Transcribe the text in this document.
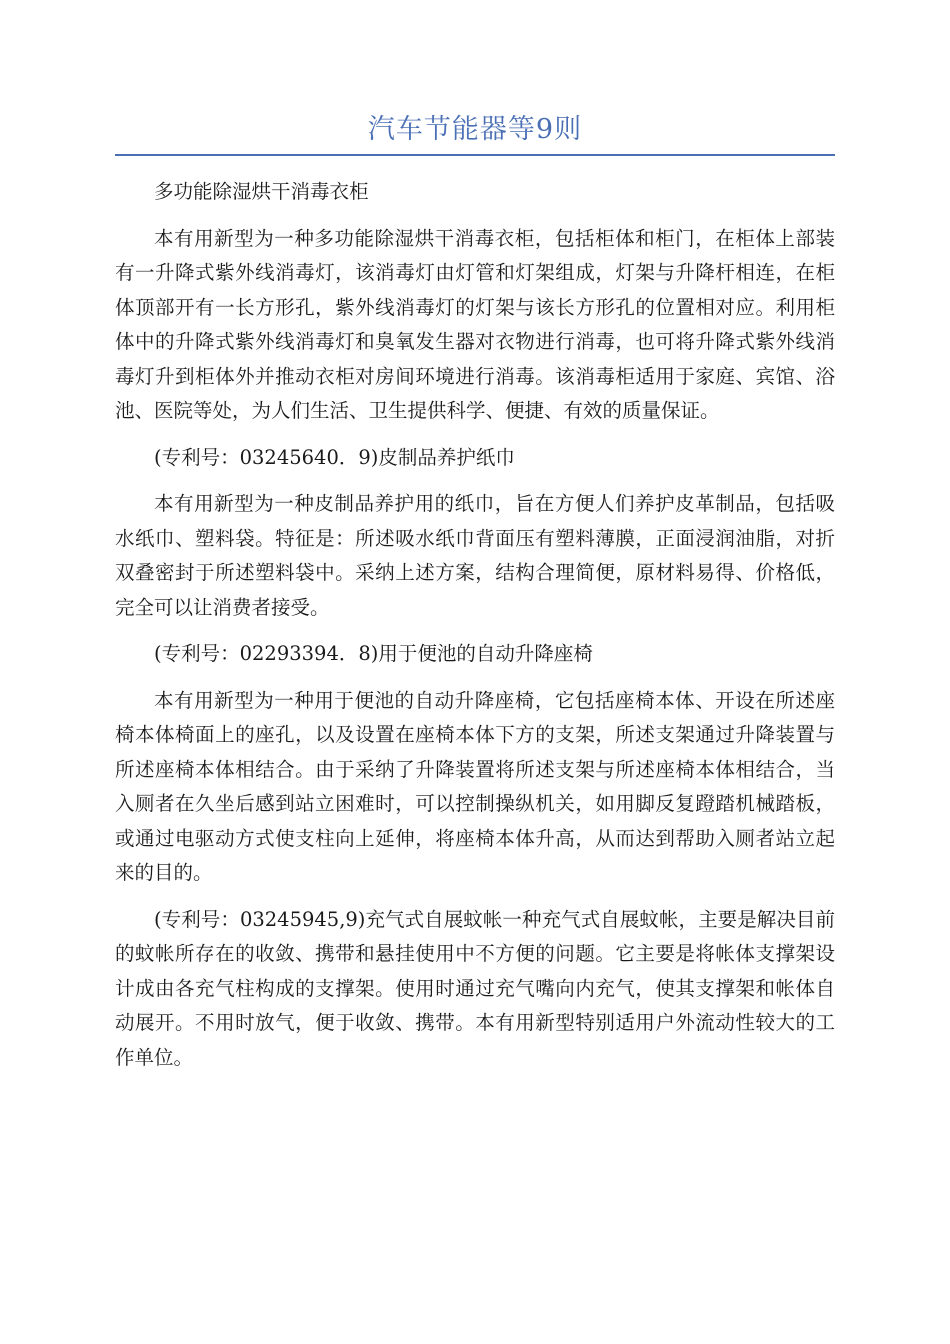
汽车节能器等9则

多功能除湿烘干消毒衣柜

本有用新型为一种多功能除湿烘干消毒衣柜，包括柜体和柜门，在柜体上部装有一升降式紫外线消毒灯，该消毒灯由灯管和灯架组成，灯架与升降杆相连，在柜体顶部开有一长方形孔，紫外线消毒灯的灯架与该长方形孔的位置相对应。利用柜体中的升降式紫外线消毒灯和臭氧发生器对衣物进行消毒，也可将升降式紫外线消毒灯升到柜体外并推动衣柜对房间环境进行消毒。该消毒柜适用于家庭、宾馆、浴池、医院等处，为人们生活、卫生提供科学、便捷、有效的质量保证。

(专利号：03245640．9)皮制品养护纸巾

本有用新型为一种皮制品养护用的纸巾，旨在方便人们养护皮革制品，包括吸水纸巾、塑料袋。特征是：所述吸水纸巾背面压有塑料薄膜，正面浸润油脂，对折双叠密封于所述塑料袋中。采纳上述方案，结构合理简便，原材料易得、价格低，完全可以让消费者接受。

(专利号：02293394．8)用于便池的自动升降座椅

本有用新型为一种用于便池的自动升降座椅，它包括座椅本体、开设在所述座椅本体椅面上的座孔，以及设置在座椅本体下方的支架，所述支架通过升降装置与所述座椅本体相结合。由于采纳了升降装置将所述支架与所述座椅本体相结合，当入厕者在久坐后感到站立困难时，可以控制操纵机关，如用脚反复蹬踏机械踏板，或通过电驱动方式使支柱向上延伸，将座椅本体升高，从而达到帮助入厕者站立起来的目的。

(专利号：03245945,9)充气式自展蚊帐一种充气式自展蚊帐，主要是解决目前的蚊帐所存在的收敛、携带和悬挂使用中不方便的问题。它主要是将帐体支撑架设计成由各充气柱构成的支撑架。使用时通过充气嘴向内充气，使其支撑架和帐体自动展开。不用时放气，便于收敛、携带。本有用新型特别适用户外流动性较大的工作单位。
